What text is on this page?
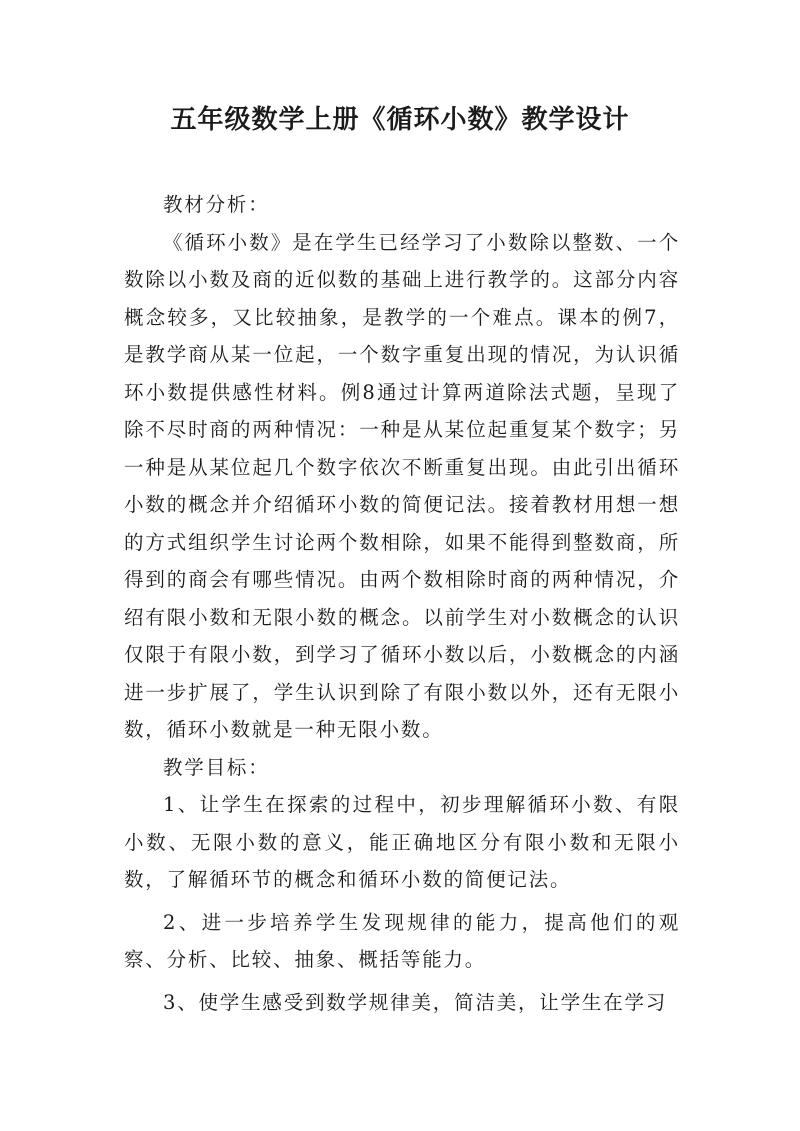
五年级数学上册《循环小数》教学设计

教材分析：

《循环小数》是在学生已经学习了小数除以整数、一个数除以小数及商的近似数的基础上进行教学的。这部分内容概念较多，又比较抽象，是教学的一个难点。课本的例7，是教学商从某一位起，一个数字重复出现的情况，为认识循环小数提供感性材料。例8通过计算两道除法式题，呈现了除不尽时商的两种情况：一种是从某位起重复某个数字；另一种是从某位起几个数字依次不断重复出现。由此引出循环小数的概念并介绍循环小数的简便记法。接着教材用想一想的方式组织学生讨论两个数相除，如果不能得到整数商，所得到的商会有哪些情况。由两个数相除时商的两种情况，介绍有限小数和无限小数的概念。以前学生对小数概念的认识仅限于有限小数，到学习了循环小数以后，小数概念的内涵进一步扩展了，学生认识到除了有限小数以外，还有无限小数，循环小数就是一种无限小数。

教学目标：

1、让学生在探索的过程中，初步理解循环小数、有限小数、无限小数的意义，能正确地区分有限小数和无限小数，了解循环节的概念和循环小数的简便记法。

2、进一步培养学生发现规律的能力，提高他们的观察、分析、比较、抽象、概括等能力。

3、使学生感受到数学规律美，简洁美，让学生在学习
